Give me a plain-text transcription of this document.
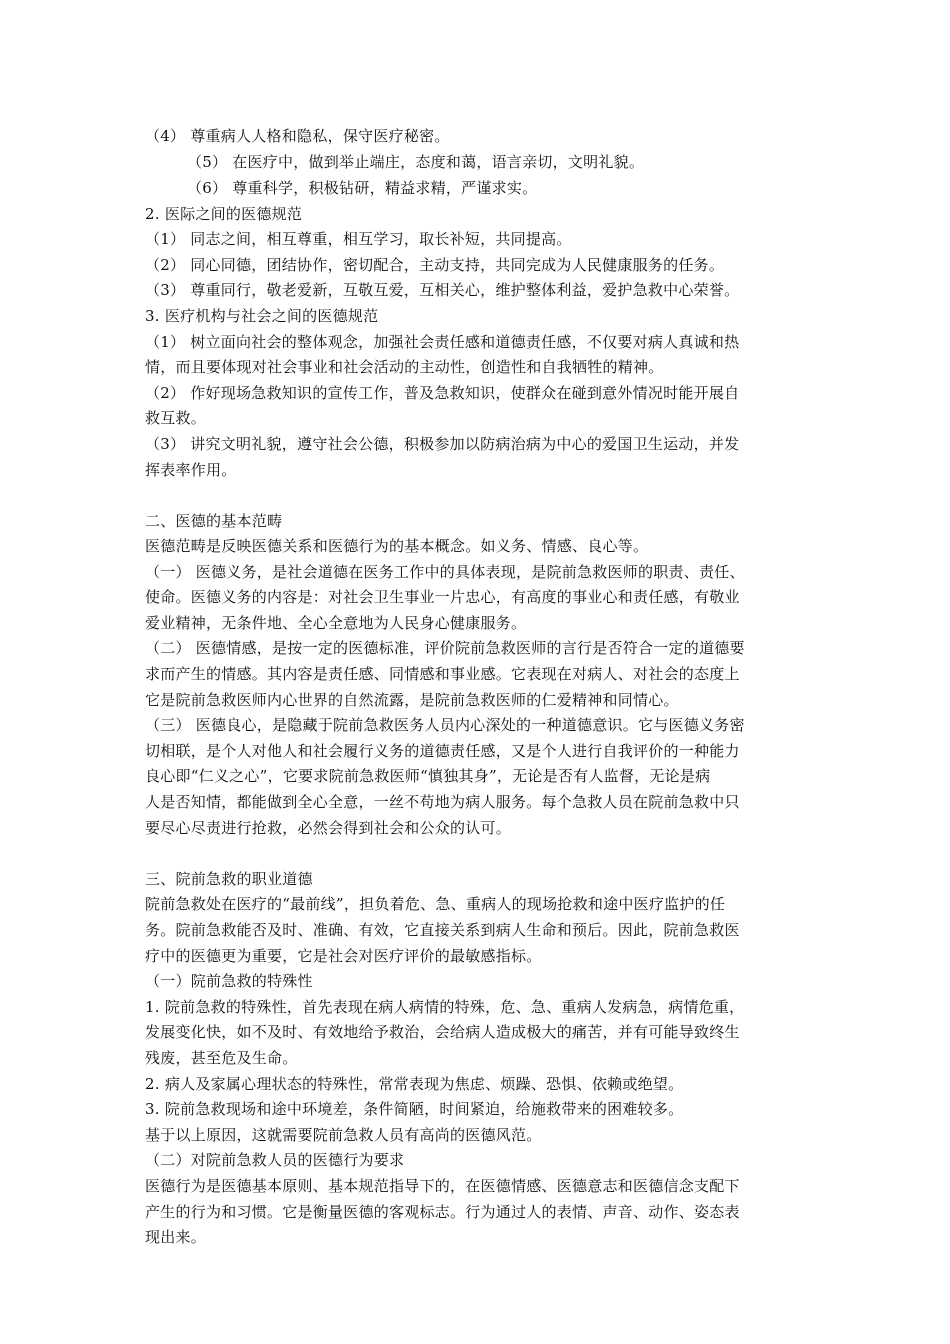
（4） 尊重病人人格和隐私，保守医疗秘密。
（5） 在医疗中，做到举止端庄，态度和蔼，语言亲切，文明礼貌。
（6） 尊重科学，积极钻研，精益求精，严谨求实。
2. 医际之间的医德规范
（1） 同志之间，相互尊重，相互学习，取长补短，共同提高。
（2） 同心同德，团结协作，密切配合，主动支持，共同完成为人民健康服务的任务。
（3） 尊重同行，敬老爱新，互敬互爱，互相关心，维护整体利益，爱护急救中心荣誉。
3. 医疗机构与社会之间的医德规范
（1） 树立面向社会的整体观念，加强社会责任感和道德责任感，不仅要对病人真诚和热
情，而且要体现对社会事业和社会活动的主动性，创造性和自我牺牲的精神。
（2） 作好现场急救知识的宣传工作，普及急救知识，使群众在碰到意外情况时能开展自
救互救。
（3） 讲究文明礼貌，遵守社会公德，积极参加以防病治病为中心的爱国卫生运动，并发
挥表率作用。
二、医德的基本范畴
医德范畴是反映医德关系和医德行为的基本概念。如义务、情感、良心等。
（一） 医德义务，是社会道德在医务工作中的具体表现，是院前急救医师的职责、责任、
使命。医德义务的内容是：对社会卫生事业一片忠心，有高度的事业心和责任感，有敬业
爱业精神，无条件地、全心全意地为人民身心健康服务。
（二） 医德情感，是按一定的医德标准，评价院前急救医师的言行是否符合一定的道德要
求而产生的情感。其内容是责任感、同情感和事业感。它表现在对病人、对社会的态度上
它是院前急救医师内心世界的自然流露，是院前急救医师的仁爱精神和同情心。
（三） 医德良心，是隐藏于院前急救医务人员内心深处的一种道德意识。它与医德义务密
切相联，是个人对他人和社会履行义务的道德责任感，又是个人进行自我评价的一种能力
良心即“仁义之心”，它要求院前急救医师“慎独其身”，无论是否有人监督，无论是病
人是否知情，都能做到全心全意，一丝不苟地为病人服务。每个急救人员在院前急救中只
要尽心尽责进行抢救，必然会得到社会和公众的认可。
三、院前急救的职业道德
院前急救处在医疗的“最前线”，担负着危、急、重病人的现场抢救和途中医疗监护的任
务。院前急救能否及时、准确、有效，它直接关系到病人生命和预后。因此，院前急救医
疗中的医德更为重要，它是社会对医疗评价的最敏感指标。
（一）院前急救的特殊性
1. 院前急救的特殊性，首先表现在病人病情的特殊，危、急、重病人发病急，病情危重，
发展变化快，如不及时、有效地给予救治，会给病人造成极大的痛苦，并有可能导致终生
残废，甚至危及生命。
2. 病人及家属心理状态的特殊性，常常表现为焦虑、烦躁、恐惧、依赖或绝望。
3. 院前急救现场和途中环境差，条件简陋，时间紧迫，给施救带来的困难较多。
基于以上原因，这就需要院前急救人员有高尚的医德风范。
（二）对院前急救人员的医德行为要求
医德行为是医德基本原则、基本规范指导下的，在医德情感、医德意志和医德信念支配下
产生的行为和习惯。它是衡量医德的客观标志。行为通过人的表情、声音、动作、姿态表
现出来。
